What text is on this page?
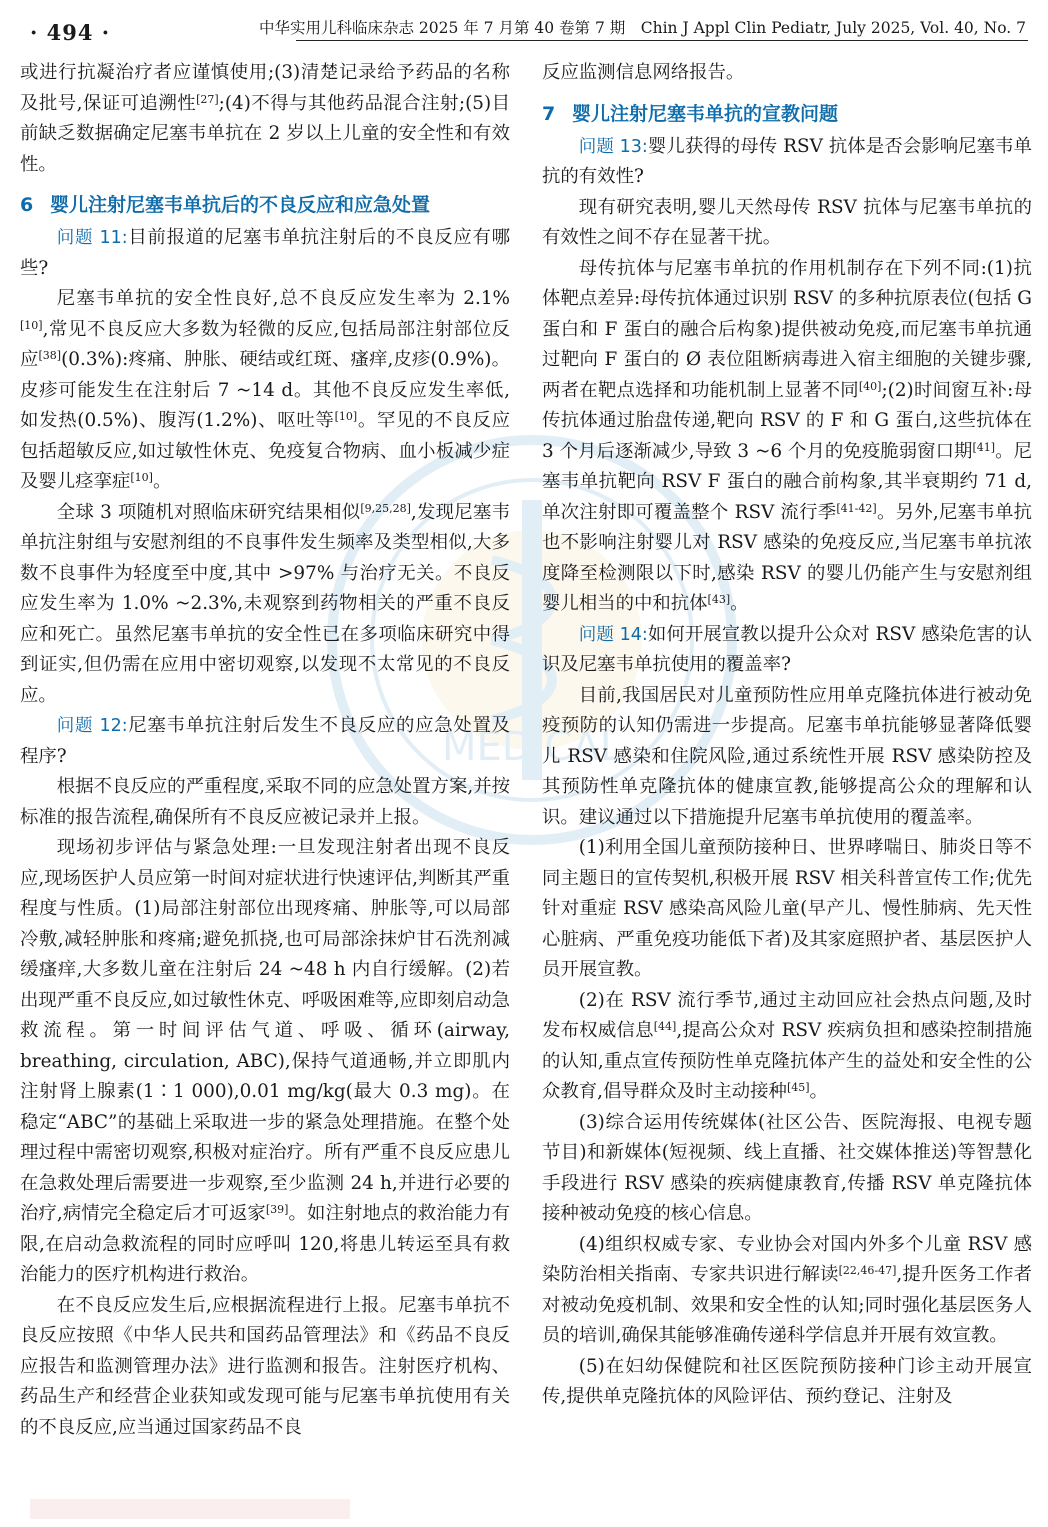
· 494 ·	中华实用儿科临床杂志 2025 年 7 月第 40 卷第 7 期　Chin J Appl Clin Pediatr, July 2025, Vol. 40, No. 7
MEDICAL

或进行抗凝治疗者应谨慎使用;(3)清楚记录给予药品的名称及批号,保证可追溯性[27];(4)不得与其他药品混合注射;(5)目前缺乏数据确定尼塞韦单抗在 2 岁以上儿童的安全性和有效性。

6 婴儿注射尼塞韦单抗后的不良反应和应急处置

问题 11:目前报道的尼塞韦单抗注射后的不良反应有哪些?

尼塞韦单抗的安全性良好,总不良反应发生率为 2.1%[10],常见不良反应大多数为轻微的反应,包括局部注射部位反应[38](0.3%):疼痛、肿胀、硬结或红斑、瘙痒,皮疹(0.9%)。皮疹可能发生在注射后 7 ~14 d。其他不良反应发生率低,如发热(0.5%)、腹泻(1.2%)、呕吐等[10]。罕见的不良反应包括超敏反应,如过敏性休克、免疫复合物病、血小板减少症及婴儿痉挛症[10]。

全球 3 项随机对照临床研究结果相似[9,25,28],发现尼塞韦单抗注射组与安慰剂组的不良事件发生频率及类型相似,大多数不良事件为轻度至中度,其中 >97% 与治疗无关。不良反应发生率为 1.0% ~2.3%,未观察到药物相关的严重不良反应和死亡。虽然尼塞韦单抗的安全性已在多项临床研究中得到证实,但仍需在应用中密切观察,以发现不太常见的不良反应。

问题 12:尼塞韦单抗注射后发生不良反应的应急处置及程序?

根据不良反应的严重程度,采取不同的应急处置方案,并按标准的报告流程,确保所有不良反应被记录并上报。

现场初步评估与紧急处理:一旦发现注射者出现不良反应,现场医护人员应第一时间对症状进行快速评估,判断其严重程度与性质。(1)局部注射部位出现疼痛、肿胀等,可以局部冷敷,减轻肿胀和疼痛;避免抓挠,也可局部涂抹炉甘石洗剂减缓瘙痒,大多数儿童在注射后 24 ~48 h 内自行缓解。(2)若出现严重不良反应,如过敏性休克、呼吸困难等,应即刻启动急救流程。第一时间评估气道、呼吸、循环(airway, breathing, circulation, ABC),保持气道通畅,并立即肌内注射肾上腺素(1∶1 000),0.01 mg/kg(最大 0.3 mg)。在稳定“ABC”的基础上采取进一步的紧急处理措施。在整个处理过程中需密切观察,积极对症治疗。所有严重不良反应患儿在急救处理后需要进一步观察,至少监测 24 h,并进行必要的治疗,病情完全稳定后才可返家[39]。如注射地点的救治能力有限,在启动急救流程的同时应呼叫 120,将患儿转运至具有救治能力的医疗机构进行救治。

在不良反应发生后,应根据流程进行上报。尼塞韦单抗不良反应按照《中华人民共和国药品管理法》和《药品不良反应报告和监测管理办法》进行监测和报告。注射医疗机构、药品生产和经营企业获知或发现可能与尼塞韦单抗使用有关的不良反应,应当通过国家药品不良

反应监测信息网络报告。

7 婴儿注射尼塞韦单抗的宣教问题

问题 13:婴儿获得的母传 RSV 抗体是否会影响尼塞韦单抗的有效性?

现有研究表明,婴儿天然母传 RSV 抗体与尼塞韦单抗的有效性之间不存在显著干扰。

母传抗体与尼塞韦单抗的作用机制存在下列不同:(1)抗体靶点差异:母传抗体通过识别 RSV 的多种抗原表位(包括 G 蛋白和 F 蛋白的融合后构象)提供被动免疫,而尼塞韦单抗通过靶向 F 蛋白的 Ø 表位阻断病毒进入宿主细胞的关键步骤,两者在靶点选择和功能机制上显著不同[40];(2)时间窗互补:母传抗体通过胎盘传递,靶向 RSV 的 F 和 G 蛋白,这些抗体在 3 个月后逐渐减少,导致 3 ~6 个月的免疫脆弱窗口期[41]。尼塞韦单抗靶向 RSV F 蛋白的融合前构象,其半衰期约 71 d,单次注射即可覆盖整个 RSV 流行季[41-42]。另外,尼塞韦单抗也不影响注射婴儿对 RSV 感染的免疫反应,当尼塞韦单抗浓度降至检测限以下时,感染 RSV 的婴儿仍能产生与安慰剂组婴儿相当的中和抗体[43]。

问题 14:如何开展宣教以提升公众对 RSV 感染危害的认识及尼塞韦单抗使用的覆盖率?

目前,我国居民对儿童预防性应用单克隆抗体进行被动免疫预防的认知仍需进一步提高。尼塞韦单抗能够显著降低婴儿 RSV 感染和住院风险,通过系统性开展 RSV 感染防控及其预防性单克隆抗体的健康宣教,能够提高公众的理解和认识。建议通过以下措施提升尼塞韦单抗使用的覆盖率。

(1)利用全国儿童预防接种日、世界哮喘日、肺炎日等不同主题日的宣传契机,积极开展 RSV 相关科普宣传工作;优先针对重症 RSV 感染高风险儿童(早产儿、慢性肺病、先天性心脏病、严重免疫功能低下者)及其家庭照护者、基层医护人员开展宣教。

(2)在 RSV 流行季节,通过主动回应社会热点问题,及时发布权威信息[44],提高公众对 RSV 疾病负担和感染控制措施的认知,重点宣传预防性单克隆抗体产生的益处和安全性的公众教育,倡导群众及时主动接种[45]。

(3)综合运用传统媒体(社区公告、医院海报、电视专题节目)和新媒体(短视频、线上直播、社交媒体推送)等智慧化手段进行 RSV 感染的疾病健康教育,传播 RSV 单克隆抗体接种被动免疫的核心信息。

(4)组织权威专家、专业协会对国内外多个儿童 RSV 感染防治相关指南、专家共识进行解读[22,46-47],提升医务工作者对被动免疫机制、效果和安全性的认知;同时强化基层医务人员的培训,确保其能够准确传递科学信息并开展有效宣教。

(5)在妇幼保健院和社区医院预防接种门诊主动开展宣传,提供单克隆抗体的风险评估、预约登记、注射及
